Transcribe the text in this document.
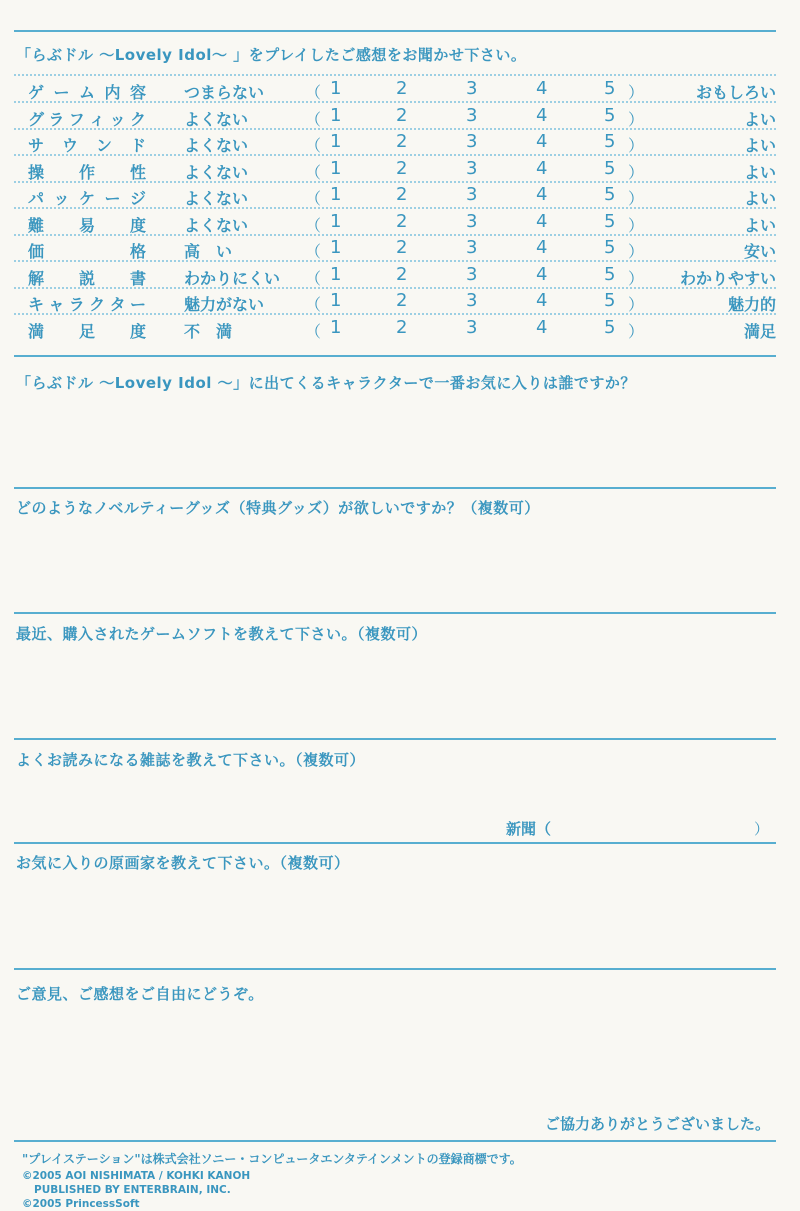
「らぶドル 〜Lovely Idol〜 」をプレイしたご感想をお聞かせ下さい。
ゲ ー ム 内 容 つまらない	（ 1	2	3	4	5 ）	おもしろい
グ ラ フ ィ ッ ク よくない	（ 1	2	3	4	5 ）	よい
サ ウ ン ド よくない	（ 1	2	3	4	5 ）	よい
操 作 性 よくない	（ 1	2	3	4	5 ）	よい
パ ッ ケ ー ジ よくない	（ 1	2	3	4	5 ）	よい
難 易 度 よくない	（ 1	2	3	4	5 ）	よい
価	格 高　い	（ 1	2	3	4	5 ）	安い
解 説 書 わかりにくい （ 1	2	3	4	5 ） わかりやすい
キ ャ ラ ク タ ー 魅力がない	（ 1	2	3	4	5 ）	魅力的
満 足 度 不　満	（ 1	2	3	4	5 ）	満足
「らぶドル 〜Lovely Idol 〜」に出てくるキャラクターで一番お気に入りは誰ですか？
どのようなノベルティーグッズ（特典グッズ）が欲しいですか？（複数可）
最近、購入されたゲームソフトを教えて下さい。（複数可）
よくお読みになる雑誌を教えて下さい。（複数可）
新聞（	）
お気に入りの原画家を教えて下さい。（複数可）
ご意見、ご感想をご自由にどうぞ。
ご協力ありがとうございました。
"プレイステーション"は株式会社ソニー・コンピュータエンタテインメントの登録商標です。
©2005 AOI NISHIMATA / KOHKI KANOH
PUBLISHED BY ENTERBRAIN, INC.
©2005 PrincessSoft
